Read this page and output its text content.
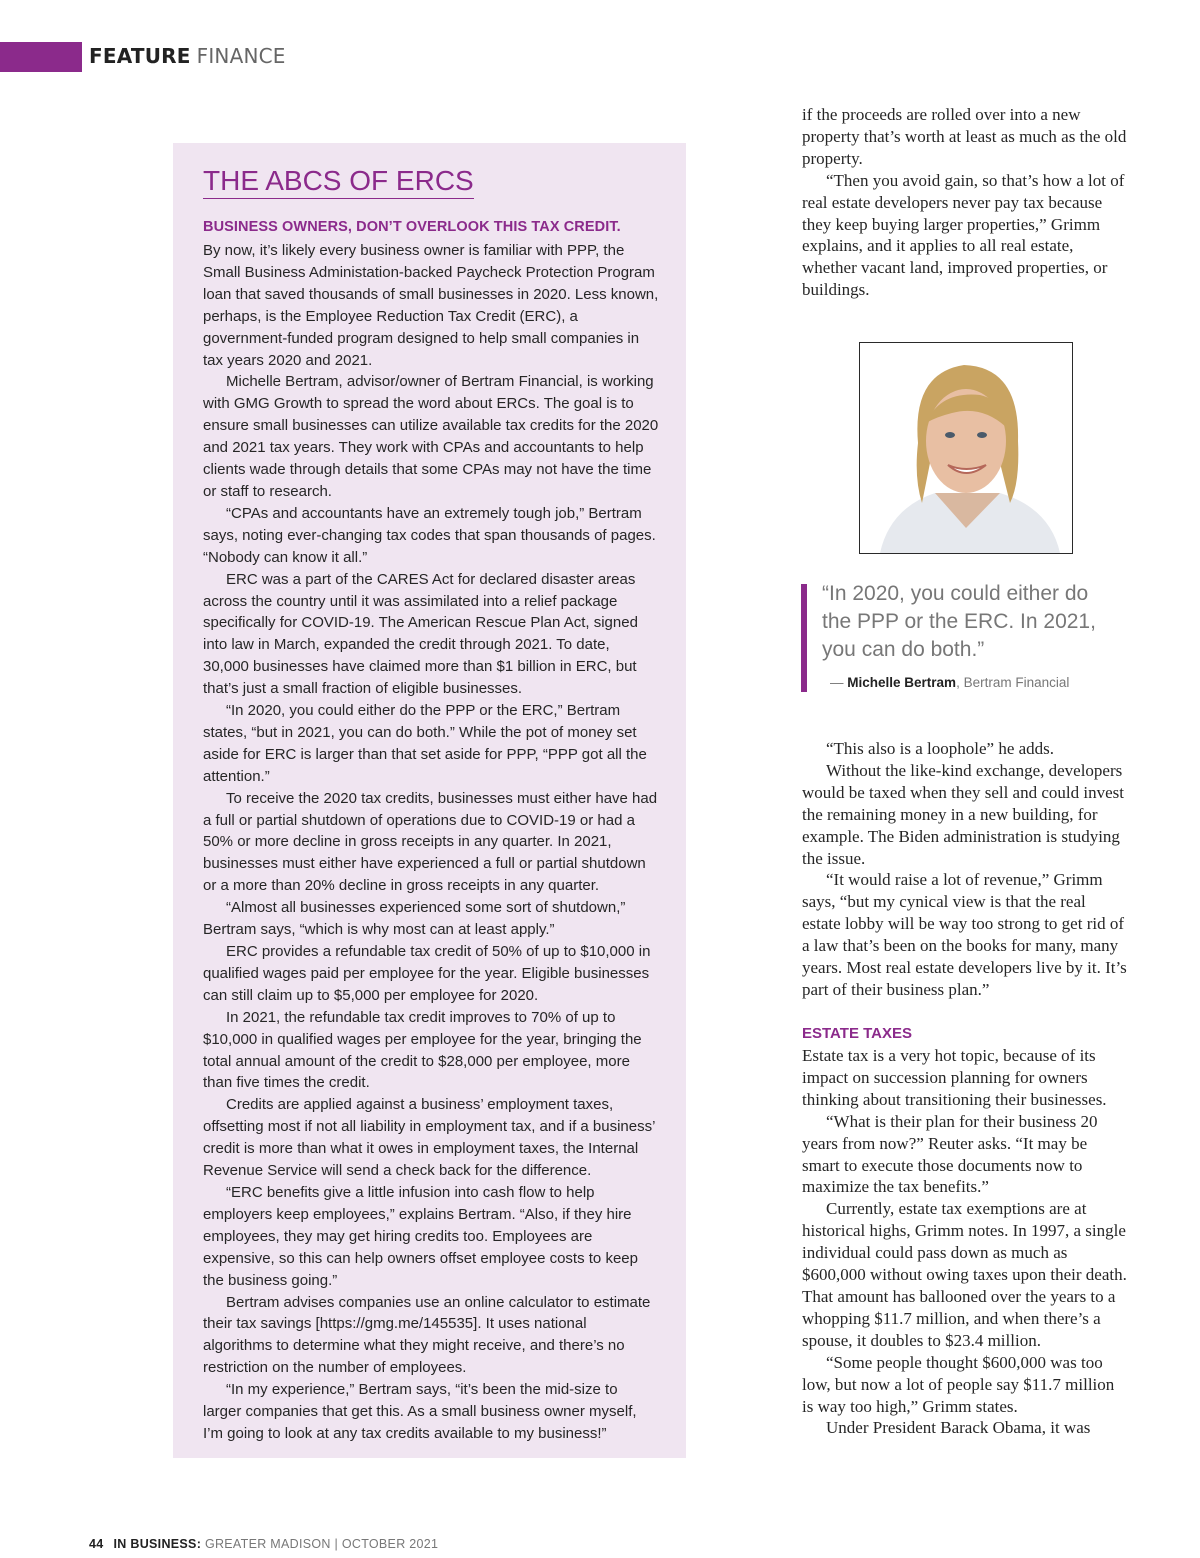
FEATURE FINANCE
THE ABCS OF ERCS
BUSINESS OWNERS, DON’T OVERLOOK THIS TAX CREDIT.

By now, it’s likely every business owner is familiar with PPP, the Small Business Administation-backed Paycheck Protection Program loan that saved thousands of small businesses in 2020. Less known, perhaps, is the Employee Reduction Tax Credit (ERC), a government-funded program designed to help small companies in tax years 2020 and 2021.

Michelle Bertram, advisor/owner of Bertram Financial, is working with GMG Growth to spread the word about ERCs. The goal is to ensure small businesses can utilize available tax credits for the 2020 and 2021 tax years. They work with CPAs and accountants to help clients wade through details that some CPAs may not have the time or staff to research.

“CPAs and accountants have an extremely tough job,” Bertram says, noting ever-changing tax codes that span thousands of pages. “Nobody can know it all.”

ERC was a part of the CARES Act for declared disaster areas across the country until it was assimilated into a relief package specifically for COVID-19. The American Rescue Plan Act, signed into law in March, expanded the credit through 2021. To date, 30,000 businesses have claimed more than $1 billion in ERC, but that’s just a small fraction of eligible businesses.

“In 2020, you could either do the PPP or the ERC,” Bertram states, “but in 2021, you can do both.” While the pot of money set aside for ERC is larger than that set aside for PPP, “PPP got all the attention.”

To receive the 2020 tax credits, businesses must either have had a full or partial shutdown of operations due to COVID-19 or had a 50% or more decline in gross receipts in any quarter. In 2021, businesses must either have experienced a full or partial shutdown or a more than 20% decline in gross receipts in any quarter.

“Almost all businesses experienced some sort of shutdown,” Bertram says, “which is why most can at least apply.”

ERC provides a refundable tax credit of 50% of up to $10,000 in qualified wages paid per employee for the year. Eligible businesses can still claim up to $5,000 per employee for 2020.

In 2021, the refundable tax credit improves to 70% of up to $10,000 in qualified wages per employee for the year, bringing the total annual amount of the credit to $28,000 per employee, more than five times the credit.

Credits are applied against a business’ employment taxes, offsetting most if not all liability in employment tax, and if a business’ credit is more than what it owes in employment taxes, the Internal Revenue Service will send a check back for the difference.

“ERC benefits give a little infusion into cash flow to help employers keep employees,” explains Bertram. “Also, if they hire employees, they may get hiring credits too. Employees are expensive, so this can help owners offset employee costs to keep the business going.”

Bertram advises companies use an online calculator to estimate their tax savings [https://gmg.me/145535]. It uses national algorithms to determine what they might receive, and there’s no restriction on the number of employees.

“In my experience,” Bertram says, “it’s been the mid-size to larger companies that get this. As a small business owner myself, I’m going to look at any tax credits available to my business!”

if the proceeds are rolled over into a new property that’s worth at least as much as the old property.

“Then you avoid gain, so that’s how a lot of real estate developers never pay tax because they keep buying larger properties,” Grimm explains, and it applies to all real estate, whether vacant land, improved properties, or buildings.

“In 2020, you could either do the PPP or the ERC. In 2021, you can do both.”
— Michelle Bertram, Bertram Financial

“This also is a loophole” he adds.

Without the like-kind exchange, developers would be taxed when they sell and could invest the remaining money in a new building, for example. The Biden administration is studying the issue.

“It would raise a lot of revenue,” Grimm says, “but my cynical view is that the real estate lobby will be way too strong to get rid of a law that’s been on the books for many, many years. Most real estate developers live by it. It’s part of their business plan.”

ESTATE TAXES

Estate tax is a very hot topic, because of its impact on succession planning for owners thinking about transitioning their businesses.

“What is their plan for their business 20 years from now?” Reuter asks. “It may be smart to execute those documents now to maximize the tax benefits.”

Currently, estate tax exemptions are at historical highs, Grimm notes. In 1997, a single individual could pass down as much as $600,000 without owing taxes upon their death. That amount has ballooned over the years to a whopping $11.7 million, and when there’s a spouse, it doubles to $23.4 million.

“Some people thought $600,000 was too low, but now a lot of people say $11.7 million is way too high,” Grimm states.

Under President Barack Obama, it was

44 IN BUSINESS: GREATER MADISON | OCTOBER 2021
